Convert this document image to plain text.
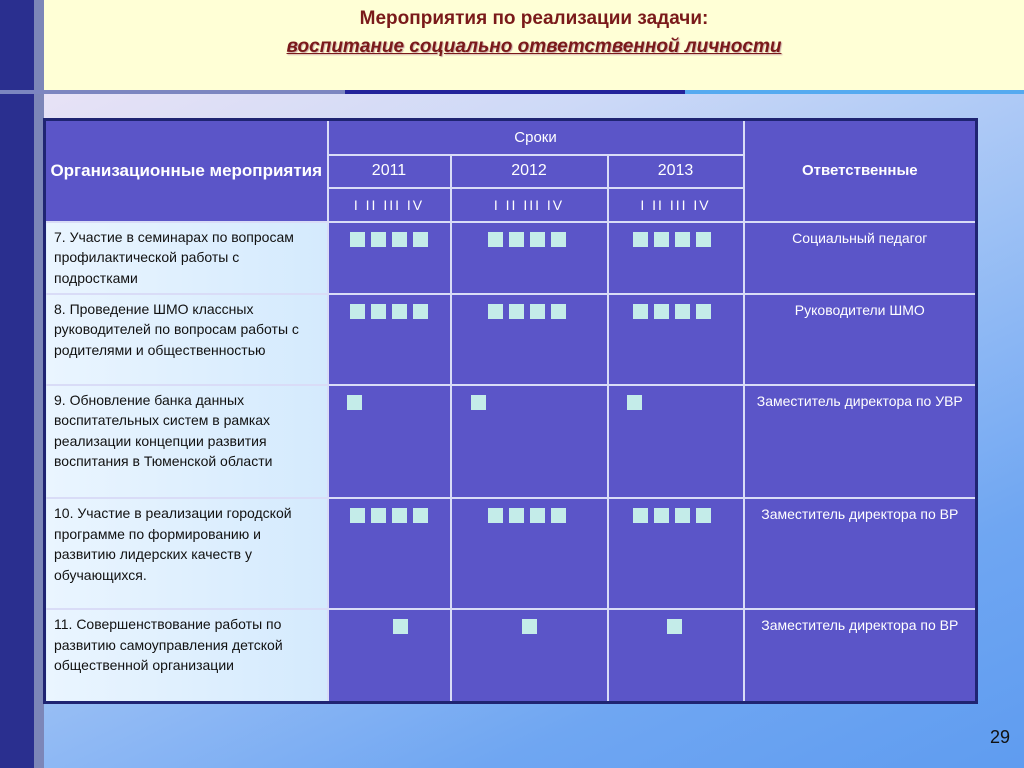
Мероприятия по реализации задачи:
воспитание социально ответственной личности
Организационные мероприятия	Сроки			Ответственные
	2011	2012	2013	
	I II III IV	I II III IV	I II III IV	
7. Участие в семинарах по вопросам профилактической работы с подростками				Социальный педагог
8. Проведение ШМО классных руководителей по вопросам работы с родителями и общественностью				Руководители ШМО
9. Обновление банка данных воспитательных систем в рамках реализации концепции развития воспитания в Тюменской области				Заместитель директора по УВР
10. Участие в реализации городской программе по формированию и развитию лидерских качеств у обучающихся.				Заместитель директора по ВР
11. Совершенствование работы по развитию самоуправления детской общественной организации				Заместитель директора по ВР
29
